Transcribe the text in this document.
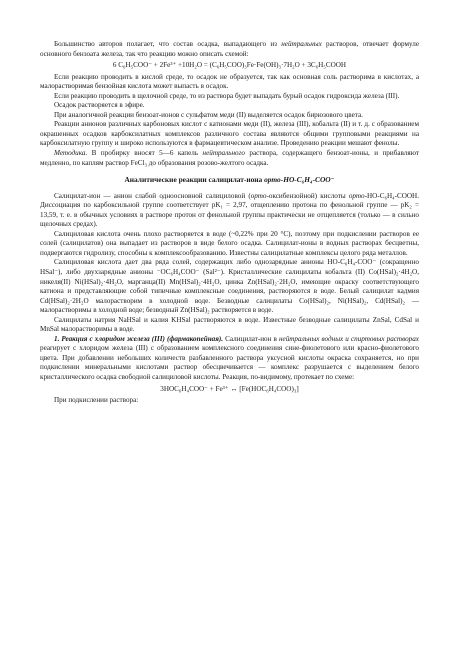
Большинство авторов полагает, что состав осадка, выпадающего из нейтральных растворов, отвечает формуле основного бензоата железа, так что реакцию можно описать схемой:

6 C₆H₅COO⁻ + 2Fe³⁺ +10H₂O = (C₆H₅COO)₃Fe·Fe(OH)₃·7H₂O + 3C₆H₅COOH

Если реакцию проводить в кислой среде, то осадок не образуется, так как основная соль растворима в кислотах, а малорастворимая бензойная кислота может выпасть в осадок.

Если реакцию проводить в щелочной среде, то из раствора будет выпадать бурый осадок гидроксида железа (III).

Осадок растворяется в эфире.

При аналогичной реакции бензоат-ионов с сульфатом меди (II) выделяется осадок бирюзового цвета.

Реакции анионов различных карбоновых кислот с катионами меди (II), железа (III), кобальта (II) и т. д. с образованием окрашенных осадков карбоксилатных комплексов различного состава являются общими групповыми реакциями на карбоксилатную группу и широко используются в фармацевтическом анализе. Проведению реакции мешают фенолы.

Методика. В пробирку вносят 5—6 капель нейтрального раствора, содержащего бензоат-ионы, и прибавляют медленно, по каплям раствор FeCl₃ до образования розово-желтого осадка.

Аналитические реакции салицилат-иона орто-HO-C₆H₄-COO⁻

Салицилат-ион — анион слабой одноосновной салициловой (орто-оксибензойной) кислоты орто-HO-C₆H₄-COOH. Диссоциация по карбоксильной группе соответствует pK₁ = 2,97, отщеплению протона по фенольной группе — pK₂ = 13,59, т. е. в обычных условиях в растворе протон от фенольной группы практически не отщепляется (только — в сильно щелочных средах).

Салициловая кислота очень плохо растворяется в воде (~0,22% при 20 °C), поэтому при подкислении растворов ее солей (салицилатов) она выпадает из растворов в виде белого осадка. Салицилат-ионы в водных растворах бесцветны, подвергаются гидролизу, способны к комплексообразованию. Известны салицилатные комплексы целого ряда металлов.

Салициловая кислота дает два ряда солей, содержащих либо однозарядные анионы HO-C₆H₄-COO⁻ (сокращенно HSal⁻), либо двухзарядные анионы ⁻OC₆H₄COO⁻ (Sal²⁻). Кристаллические салицилаты кобальта (II) Co(HSal)₂·4H₂O, никеля(II) Ni(HSal)₂·4H₂O, марганца(II) Mn(HSal)₂·4H₂O, цинка Zn(HSal)₂·2H₂O, имеющие окраску соответствующего катиона и представляющие собой типичные комплексные соединения, растворяются в воде. Белый салицилат кадмия Cd(HSal)₂·2H₂O малорастворим в холодной воде. Безводные салицилаты Co(HSal)₂, Ni(HSal)₂, Cd(HSal)₂ — малорастворимы в холодной воде; безводный Zn(HSal)₂ растворяется в воде.

Салицилаты натрия NaHSal и калия KHSal растворяются в воде. Известные безводные салицилаты ZnSal, CdSal и MnSal малорастворимы в воде.

1. Реакция с хлоридом железа (III) (фармакопейная). Салицилат-ион в нейтральных водных и спиртовых растворах реагирует с хлоридом железа (III) с образованием комплексного соединения сине-фиолетового или красно-фиолетового цвета. При добавлении небольших количеств разбавленного раствора уксусной кислоты окраска сохраняется, но при подкислении минеральными кислотами раствор обесцвечивается — комплекс разрушается с выделением белого кристаллического осадка свободной салициловой кислоты. Реакция, по-видимому, протекает по схеме:

3HOC₆H₄COO⁻ + Fe³⁺ ↔ [Fe(HOC₆H₄COO)₃]

При подкислении раствора:
